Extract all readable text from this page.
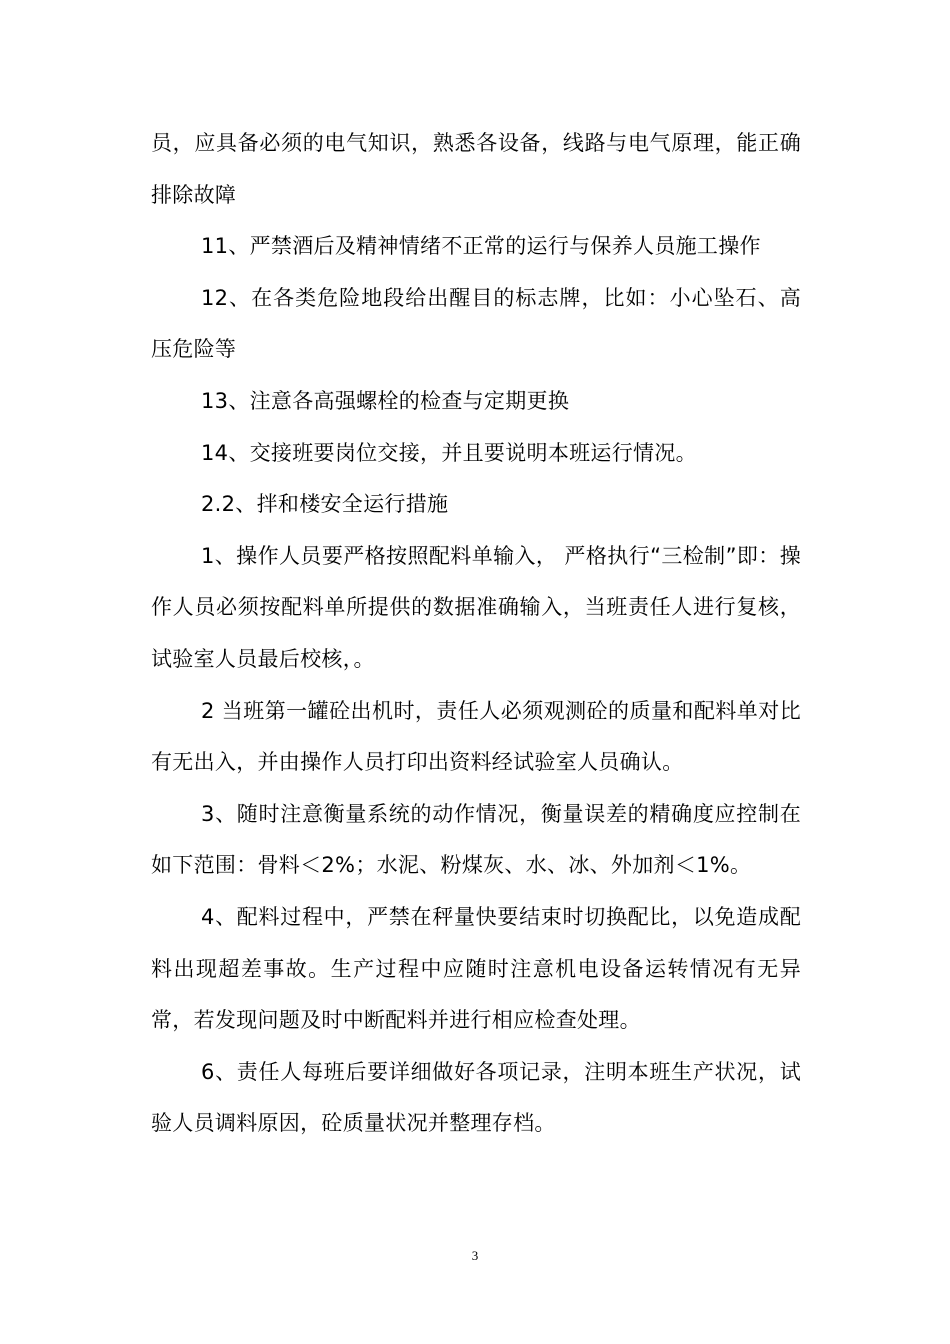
员，应具备必须的电气知识，熟悉各设备，线路与电气原理，能正确排除故障

11、严禁酒后及精神情绪不正常的运行与保养人员施工操作

12、在各类危险地段给出醒目的标志牌，比如：小心坠石、高压危险等

13、注意各高强螺栓的检查与定期更换

14、交接班要岗位交接，并且要说明本班运行情况。

2.2、拌和楼安全运行措施

1、操作人员要严格按照配料单输入， 严格执行“三检制”即：操作人员必须按配料单所提供的数据准确输入，当班责任人进行复核，试验室人员最后校核，。

2 当班第一罐砼出机时，责任人必须观测砼的质量和配料单对比有无出入，并由操作人员打印出资料经试验室人员确认。

3、随时注意衡量系统的动作情况，衡量误差的精确度应控制在如下范围：骨料＜2%；水泥、粉煤灰、水、冰、外加剂＜1%。

4、配料过程中，严禁在秤量快要结束时切换配比，以免造成配料出现超差事故。生产过程中应随时注意机电设备运转情况有无异常，若发现问题及时中断配料并进行相应检查处理。

6、责任人每班后要详细做好各项记录，注明本班生产状况，试验人员调料原因，砼质量状况并整理存档。

3
